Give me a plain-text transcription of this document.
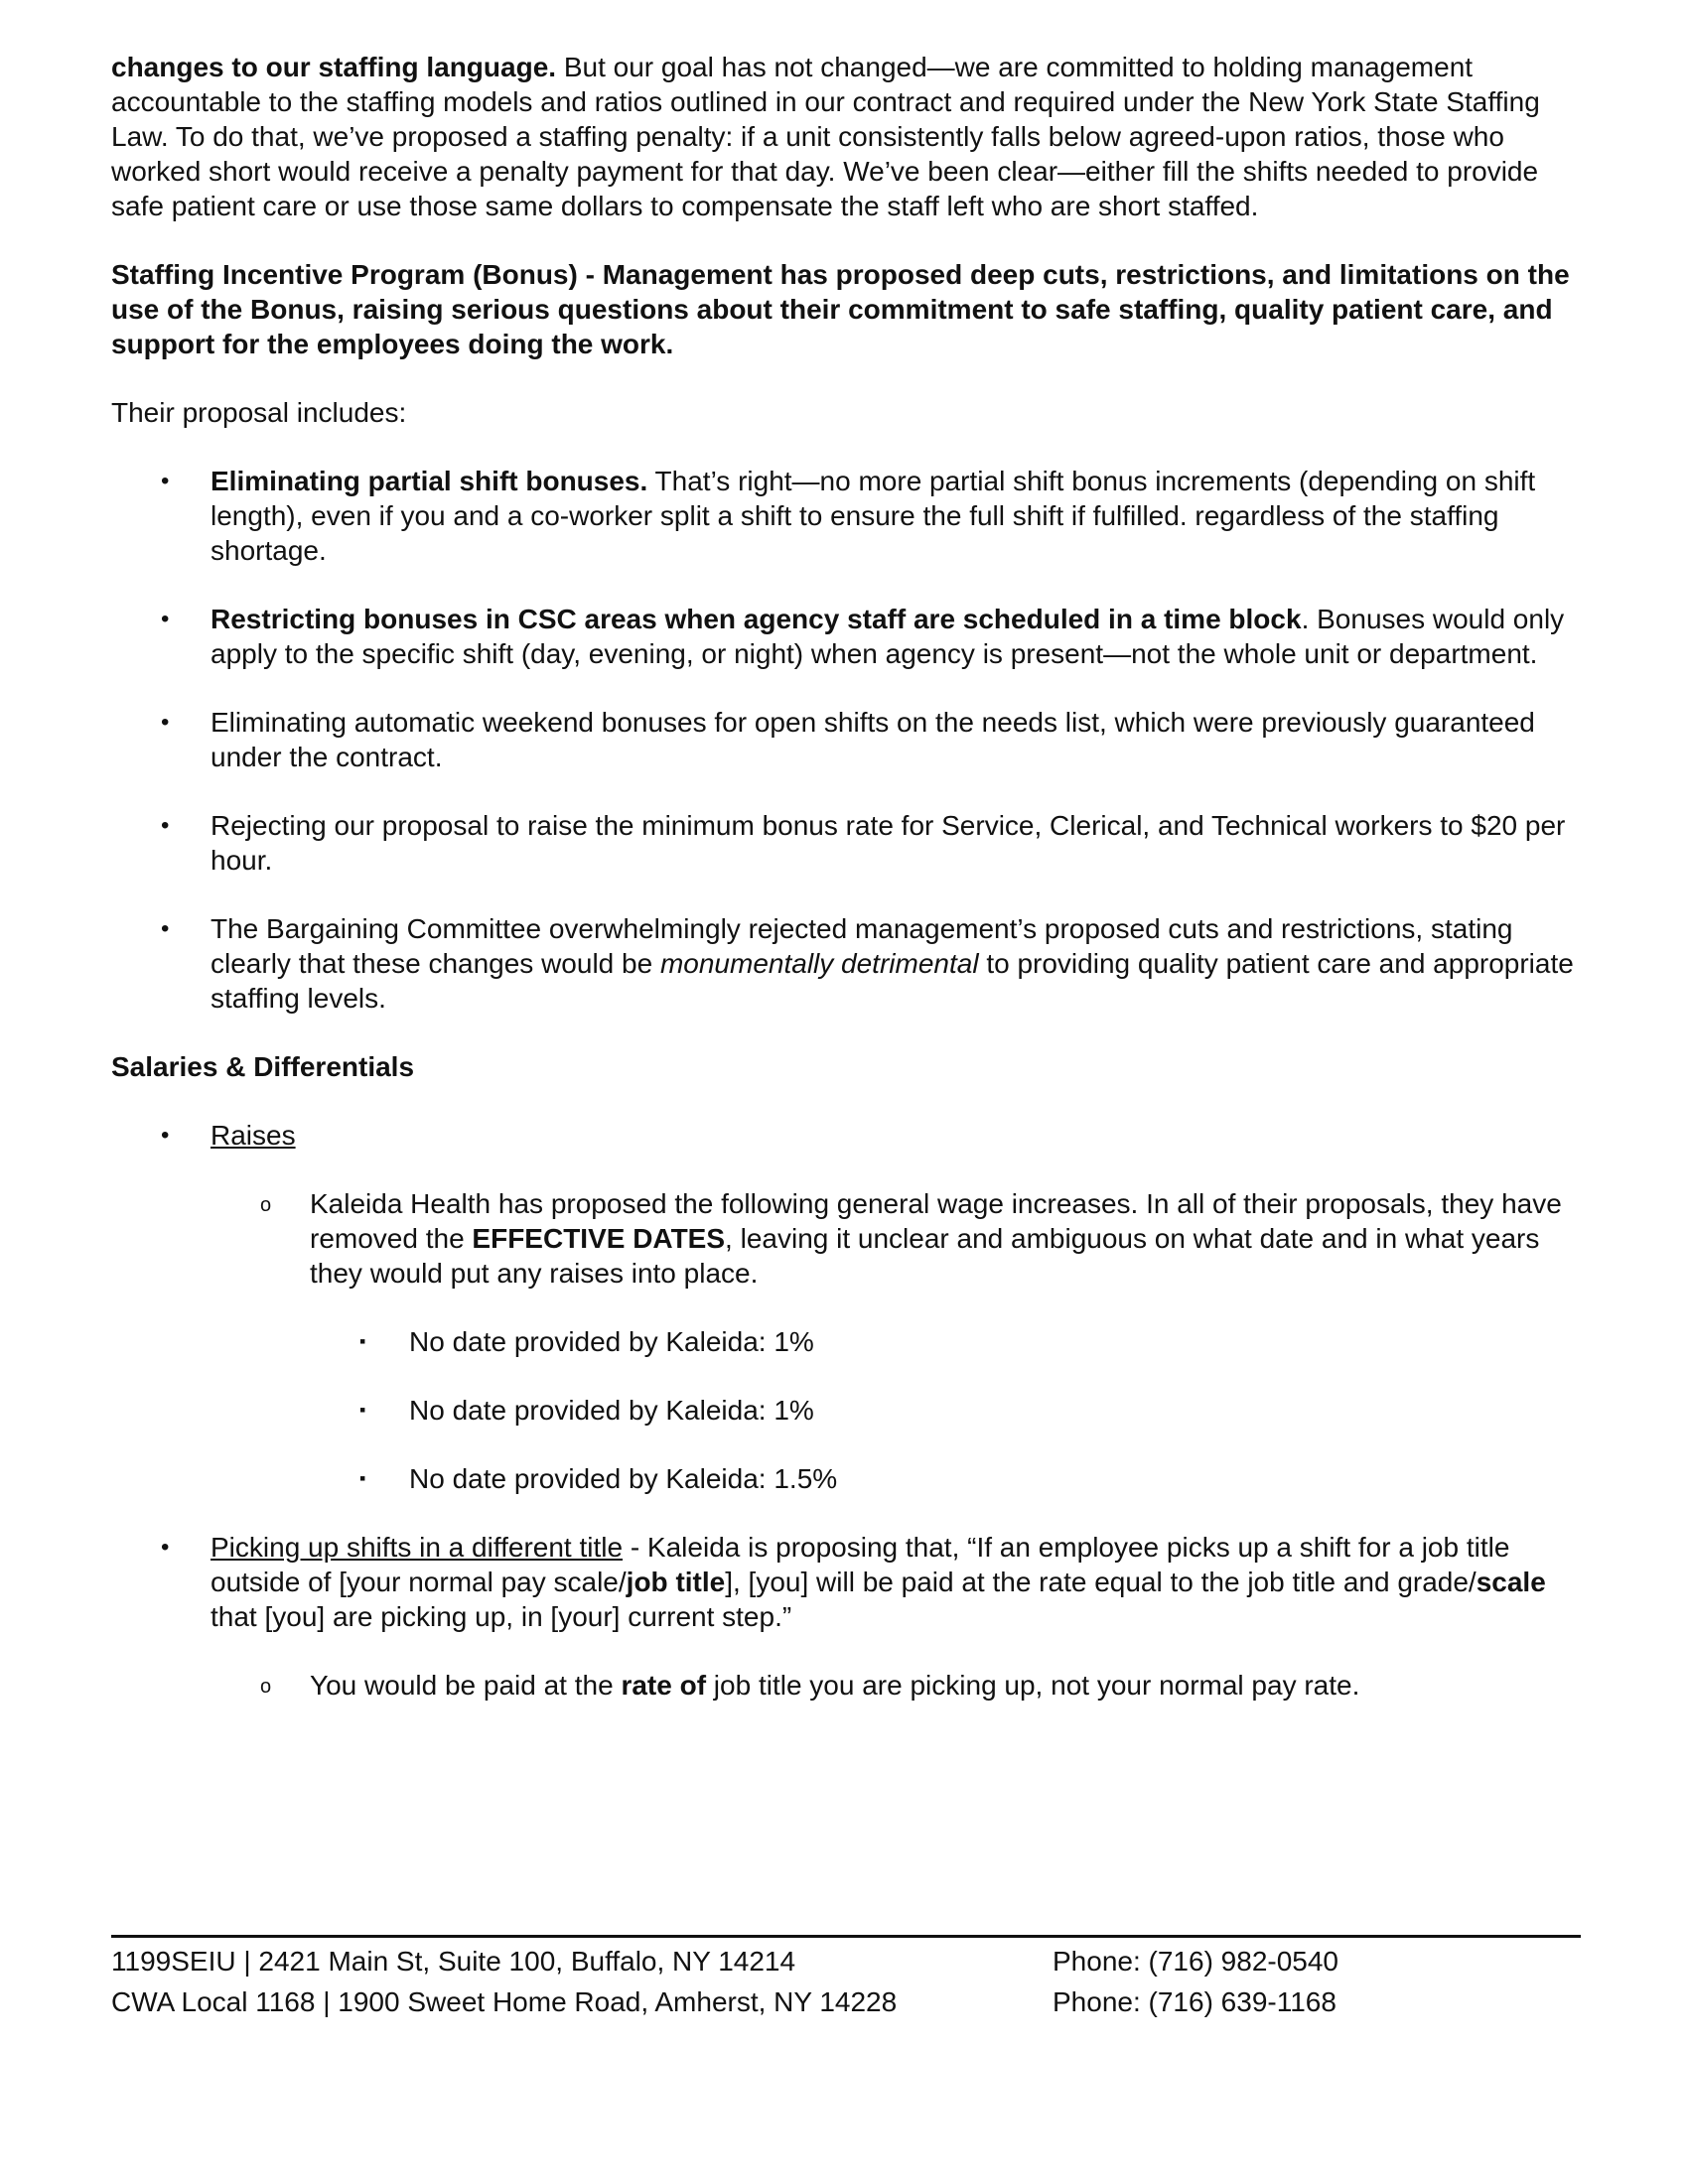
changes to our staffing language. But our goal has not changed—we are committed to holding management accountable to the staffing models and ratios outlined in our contract and required under the New York State Staffing Law. To do that, we’ve proposed a staffing penalty: if a unit consistently falls below agreed-upon ratios, those who worked short would receive a penalty payment for that day. We’ve been clear—either fill the shifts needed to provide safe patient care or use those same dollars to compensate the staff left who are short staffed.

Staffing Incentive Program (Bonus) - Management has proposed deep cuts, restrictions, and limitations on the use of the Bonus, raising serious questions about their commitment to safe staffing, quality patient care, and support for the employees doing the work.

Their proposal includes:

• Eliminating partial shift bonuses. That’s right—no more partial shift bonus increments (depending on shift length), even if you and a co-worker split a shift to ensure the full shift if fulfilled. regardless of the staffing shortage.

• Restricting bonuses in CSC areas when agency staff are scheduled in a time block. Bonuses would only apply to the specific shift (day, evening, or night) when agency is present—not the whole unit or department.

• Eliminating automatic weekend bonuses for open shifts on the needs list, which were previously guaranteed under the contract.

• Rejecting our proposal to raise the minimum bonus rate for Service, Clerical, and Technical workers to $20 per hour.

• The Bargaining Committee overwhelmingly rejected management’s proposed cuts and restrictions, stating clearly that these changes would be monumentally detrimental to providing quality patient care and appropriate staffing levels.

Salaries & Differentials

• Raises

o Kaleida Health has proposed the following general wage increases. In all of their proposals, they have removed the EFFECTIVE DATES, leaving it unclear and ambiguous on what date and in what years they would put any raises into place.

▪ No date provided by Kaleida: 1%

▪ No date provided by Kaleida: 1%

▪ No date provided by Kaleida: 1.5%

• Picking up shifts in a different title - Kaleida is proposing that, “If an employee picks up a shift for a job title outside of [your normal pay scale/job title], [you] will be paid at the rate equal to the job title and grade/scale that [you] are picking up, in [your] current step.”

o You would be paid at the rate of job title you are picking up, not your normal pay rate.

1199SEIU | 2421 Main St, Suite 100, Buffalo, NY 14214	Phone: (716) 982-0540
CWA Local 1168 | 1900 Sweet Home Road, Amherst, NY 14228	Phone: (716) 639-1168
